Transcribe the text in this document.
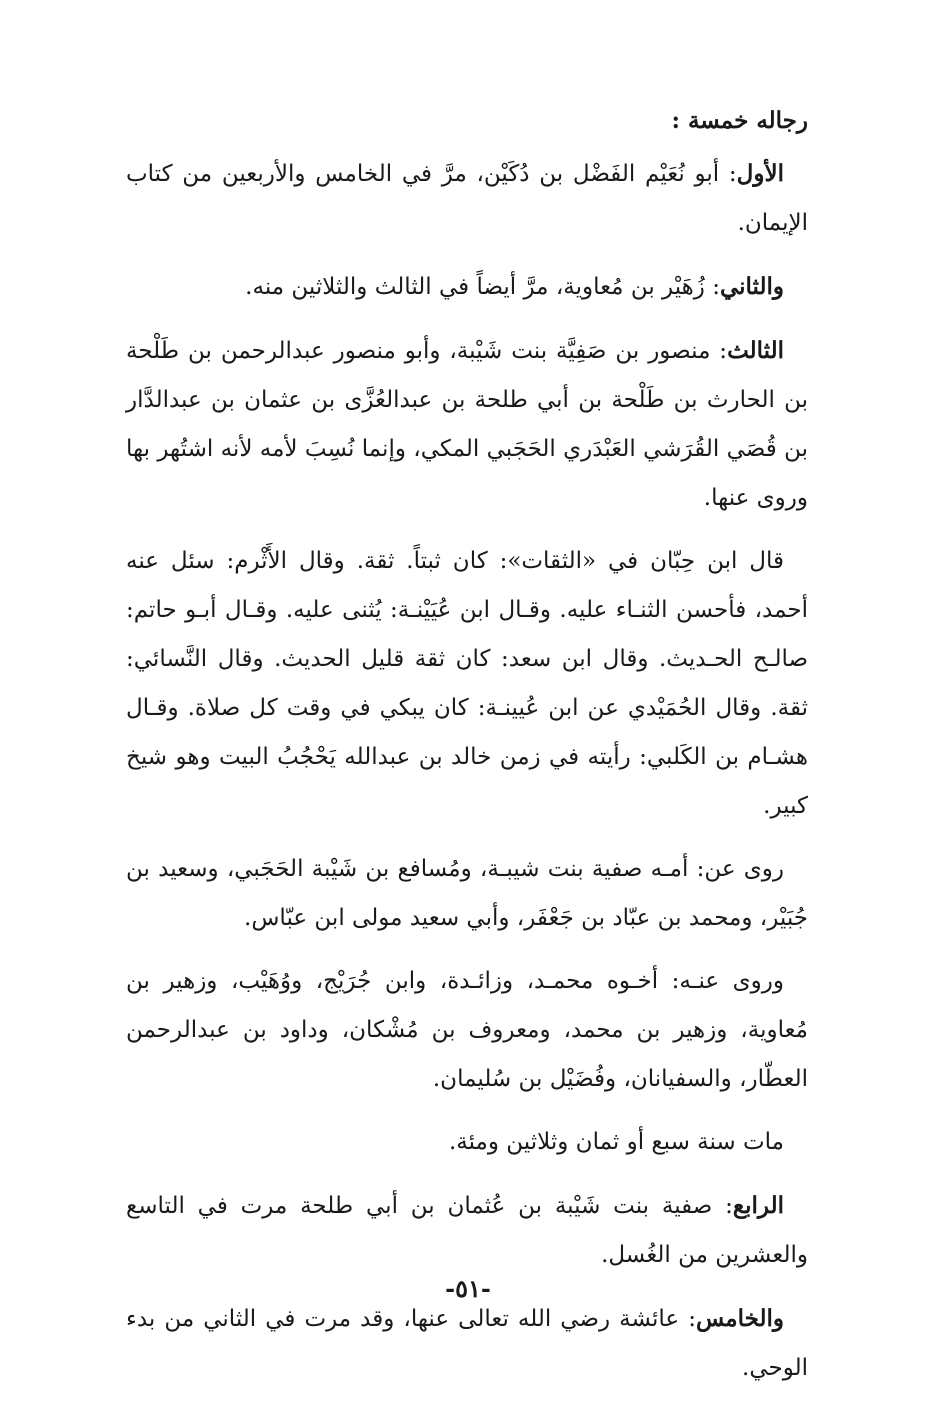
رجاله خمسة :

الأول: أبو نُعَيْم الفَضْل بن دُكَيْن، مرَّ في الخامس والأربعين من كتاب الإيمان.

والثاني: زُهَيْر بن مُعاوية، مرَّ أيضاً في الثالث والثلاثين منه.

الثالث: منصور بن صَفِيَّة بنت شَيْبة، وأبو منصور عبدالرحمن بن طَلْحة بن الحارث بن طَلْحة بن أبي طلحة بن عبدالعُزَّى بن عثمان بن عبدالدَّار بن قُصَي القُرَشي العَبْدَري الحَجَبي المكي، وإنما نُسِبَ لأمه لأنه اشتُهر بها وروى عنها.

قال ابن حِبّان في «الثقات»: كان ثبتاً. ثقة. وقال الأَثْرم: سئل عنه أحمد، فأحسن الثنـاء عليه. وقـال ابن عُيَيْنـة: يُثنى عليه. وقـال أبـو حاتم: صالـح الحـديث. وقال ابن سعد: كان ثقة قليل الحديث. وقال النَّسائي: ثقة. وقال الحُمَيْدي عن ابن عُيينـة: كان يبكي في وقت كل صلاة. وقـال هشـام بن الكَلبي: رأيته في زمن خالد بن عبدالله يَحْجُبُ البيت وهو شيخ كبير.

روى عن: أمـه صفية بنت شيبـة، ومُسافع بن شَيْبة الحَجَبي، وسعيد بن جُبَيْر، ومحمد بن عبّاد بن جَعْفَر، وأبي سعيد مولى ابن عبّاس.

وروى عنـه: أخـوه محمـد، وزائـدة، وابن جُرَيْج، ووُهَيْب، وزهير بن مُعاوية، وزهير بن محمد، ومعروف بن مُشْكان، وداود بن عبدالرحمن العطّار، والسفيانان، وفُضَيْل بن سُليمان.

مات سنة سبع أو ثمان وثلاثين ومئة.

الرابع: صفية بنت شَيْبة بن عُثمان بن أبي طلحة مرت في التاسع والعشرين من الغُسل.

والخامس: عائشة رضي الله تعالى عنها، وقد مرت في الثاني من بدء الوحي.

-٥١-
